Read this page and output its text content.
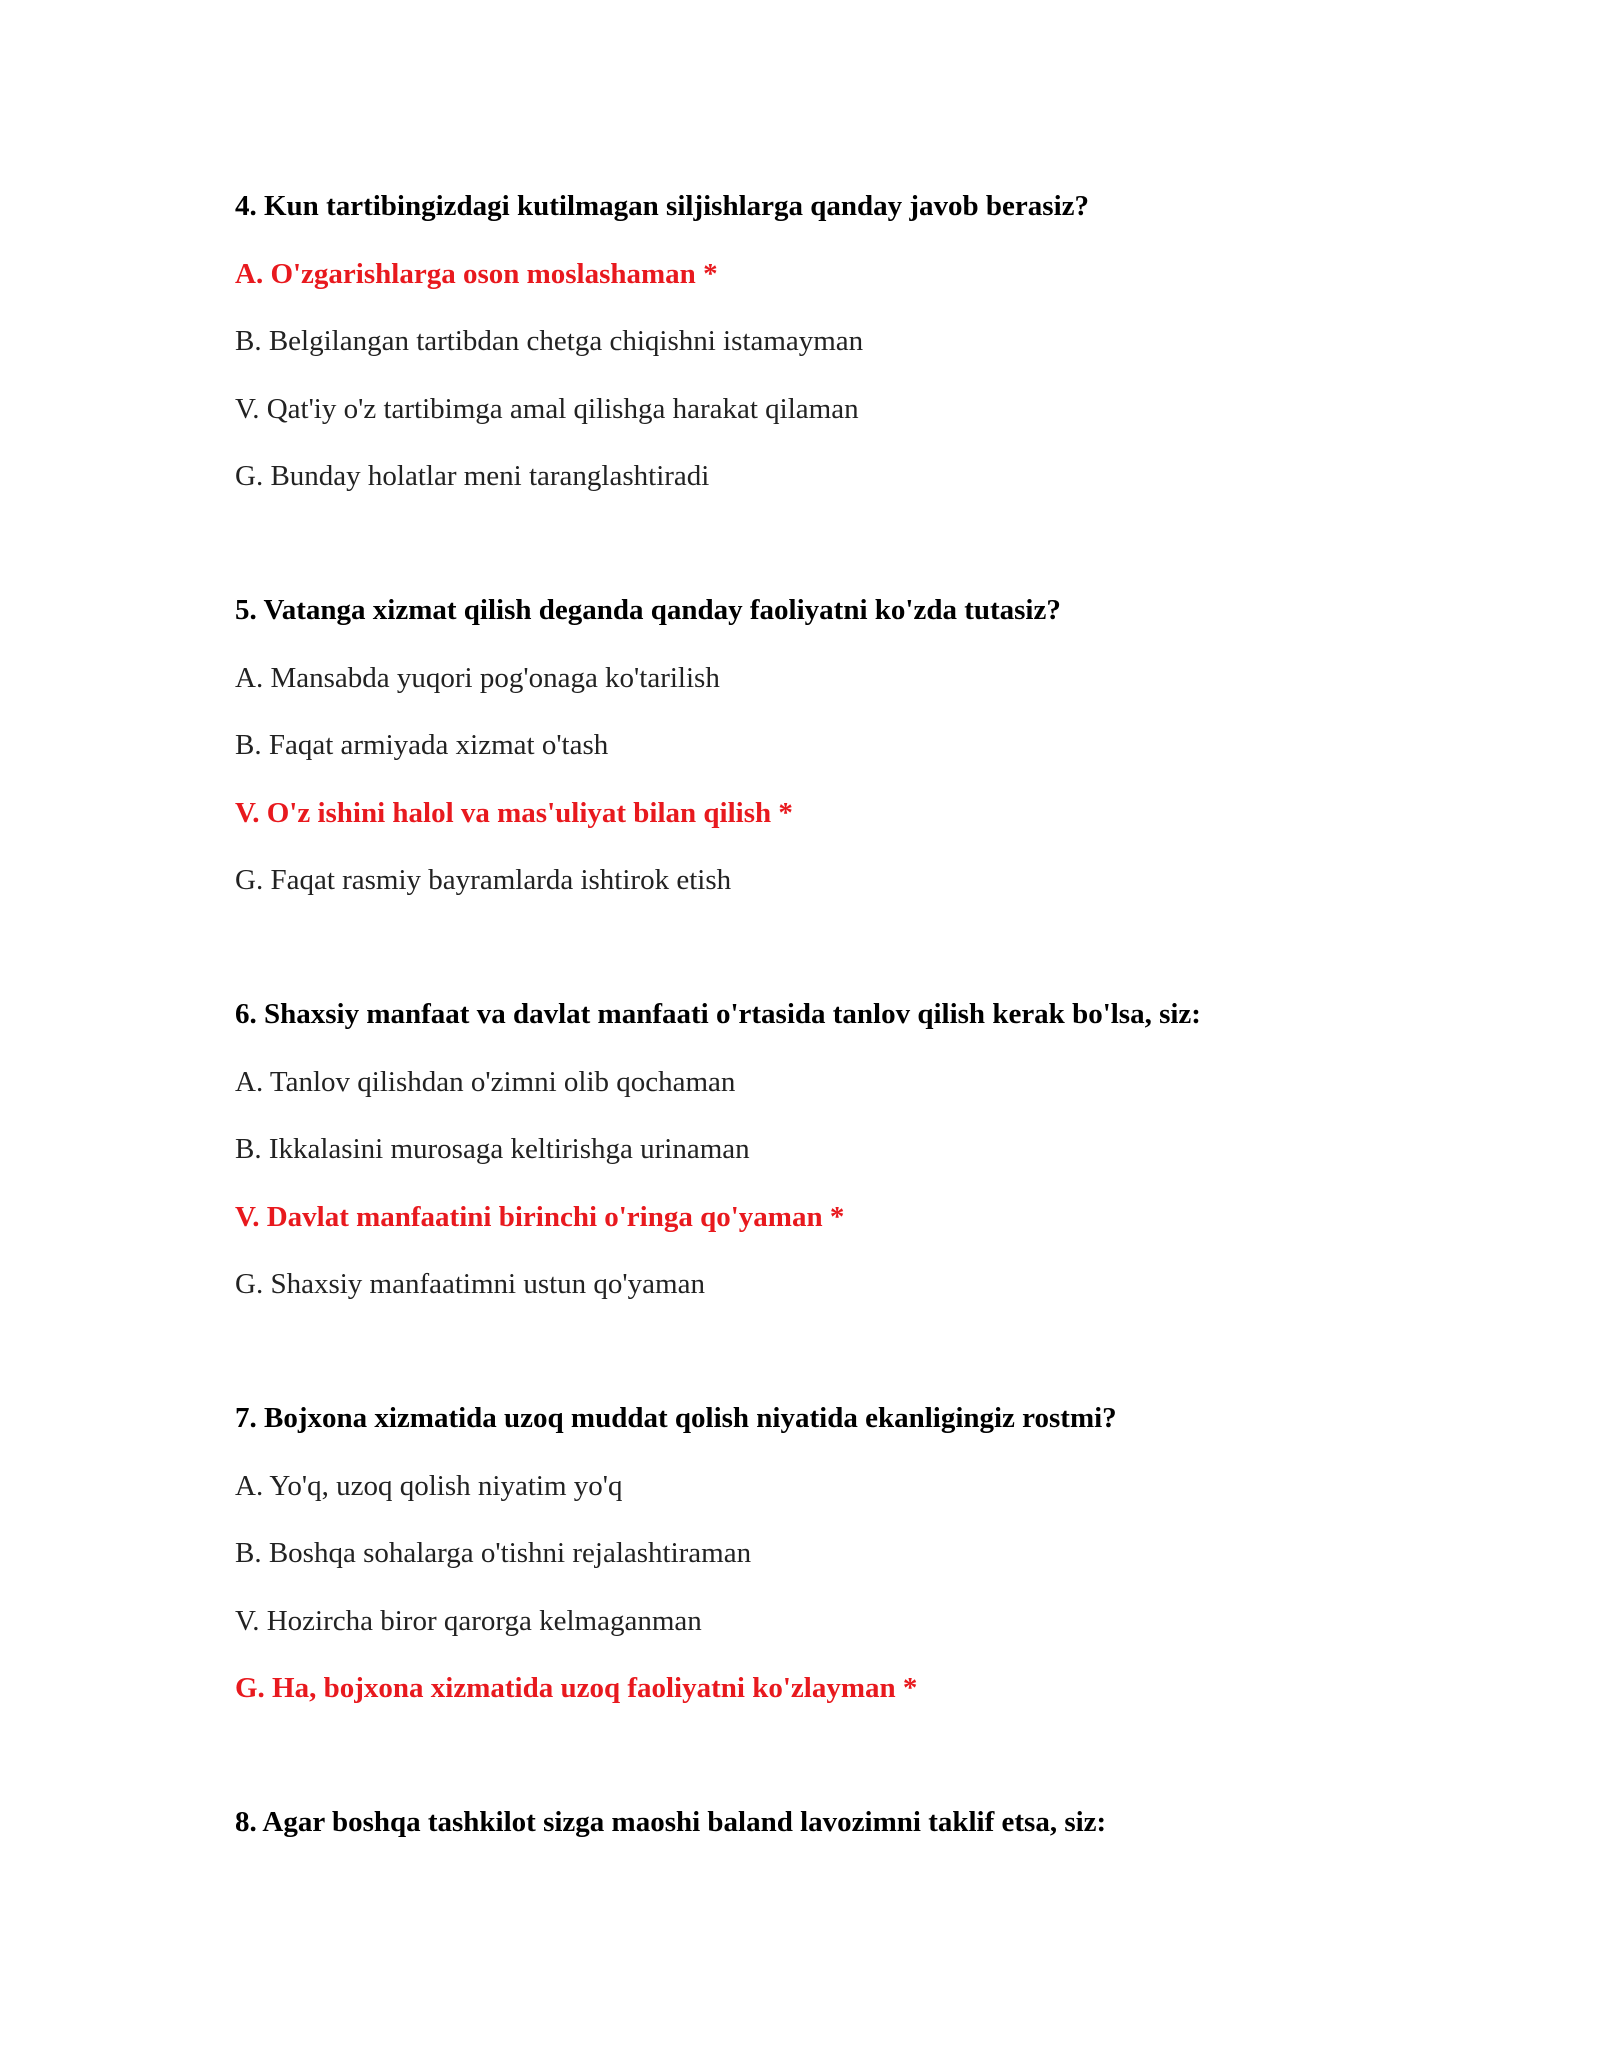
4. Kun tartibingizdagi kutilmagan siljishlarga qanday javob berasiz?
A. O'zgarishlarga oson moslashaman *
B. Belgilangan tartibdan chetga chiqishni istamayman
V. Qat'iy o'z tartibimga amal qilishga harakat qilaman
G. Bunday holatlar meni taranglashtiradi
5. Vatanga xizmat qilish deganda qanday faoliyatni ko'zda tutasiz?
A. Mansabda yuqori pog'onaga ko'tarilish
B. Faqat armiyada xizmat o'tash
V. O'z ishini halol va mas'uliyat bilan qilish *
G. Faqat rasmiy bayramlarda ishtirok etish
6. Shaxsiy manfaat va davlat manfaati o'rtasida tanlov qilish kerak bo'lsa, siz:
A. Tanlov qilishdan o'zimni olib qochaman
B. Ikkalasini murosaga keltirishga urinaman
V. Davlat manfaatini birinchi o'ringa qo'yaman *
G. Shaxsiy manfaatimni ustun qo'yaman
7. Bojxona xizmatida uzoq muddat qolish niyatida ekanligingiz rostmi?
A. Yo'q, uzoq qolish niyatim yo'q
B. Boshqa sohalarga o'tishni rejalashtiraman
V. Hozircha biror qarorga kelmaganman
G. Ha, bojxona xizmatida uzoq faoliyatni ko'zlayman *
8. Agar boshqa tashkilot sizga maoshi baland lavozimni taklif etsa, siz:
